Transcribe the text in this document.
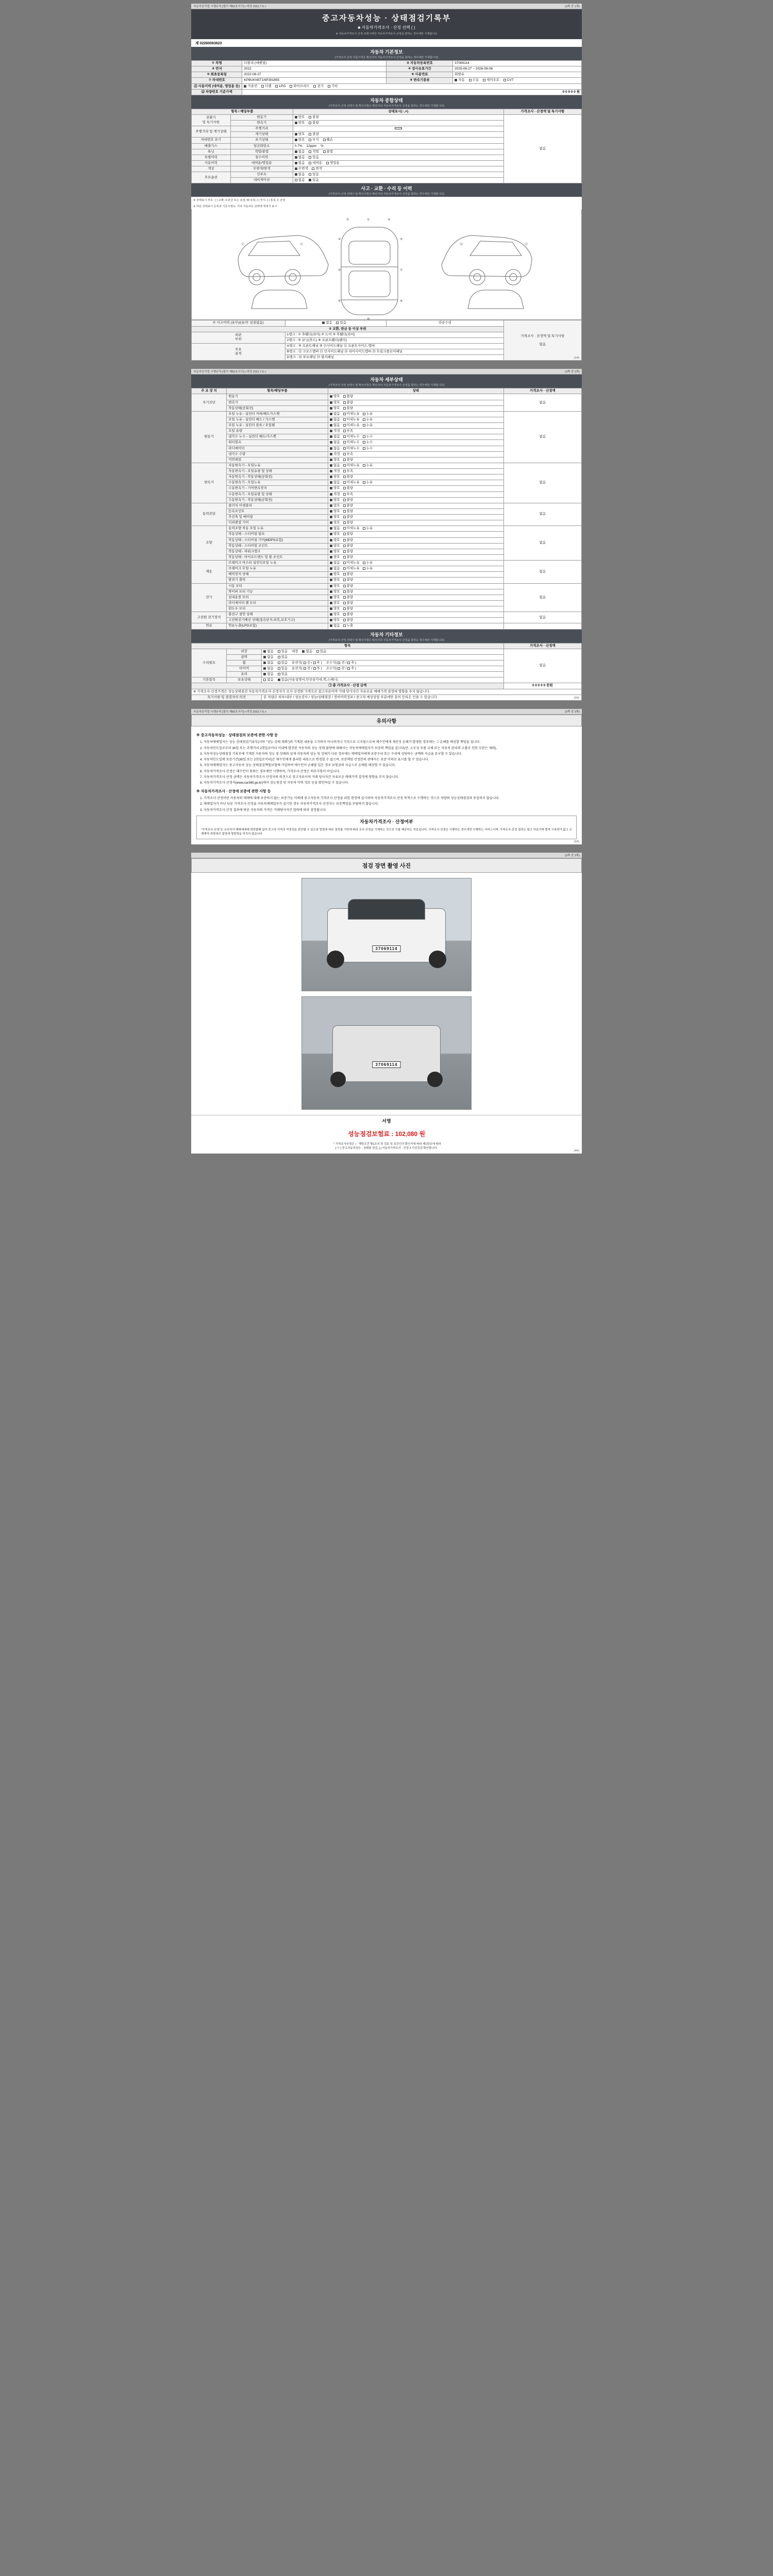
자동차관리법 시행규칙 [별지 제82호서식] <개정 2021.7.6.>	(3쪽 중 1쪽)
중고자동차성능 · 상태점검기록부
■ 자동차가격조사 · 산정 선택 ( )
※ 자동차가격조사·산정 선택시에만 자동차가격조사·산정을 함하는 경우에만 기재합니다
제 02260063623
자동차 기본정보
(가격조사·산정 기준가격은 확인자의 자동차가격조사·산정을 함하는 경우에만 기재합니다)
① 차명	티볼리 (에쎈셜)	② 자동차등록번호	37069114
③ 연식	2022	④ 검사유효기간	2025-06-27 ~ 2026-06-06
⑤ 최초등록일	2022-06-27	⑧ 사용연료	휘발유
⑦ 차대번호	KPBUKN5T1NP391855	⑧ 변속기종류	자동 수동 세미오토 CVT
⑪ 사용이력 (대여용, 영업용 등)	가솔린 디젤 LPG 하이브리드 전기 기타		
⑫ 차량번호 기준가액	0 0 0 0 0 원		
자동차 종합상태
(가격조사·산정 선택시 및 확인사항은 확인자의 자동차가격조사·산정을 함하는 경우에만 기재합니다)
항목 / 해당부품		상태표시(○,×)	가격조사 · 산정액 및 특기사항
전환기
및 특기사항	원동기	양호 불량	없음
	변속기	양호 불량	
주행거리 및 계기상태	주행거리		
	계기상태	양호 불량	
차대번호 표기	표기상태	양호 부식 훼손	
배출가스	일산화탄소	0.7% 12ppm %	
튜닝	적법/불법	없음 적법 불법	
특별이력	침수이력	없음 있음	
사용이력	대여용/영업용	없음 대여용 영업용	
색상	무변색/변색	무변색 변색	
주요옵션	선루프	없음 있음	
	네비게이션	없음 있음	
사고 · 교환 · 수리 등 이력
(가격조사·산정 선택시 및 확인사항은 확인자의 자동차가격조사·산정을 함하는 경우에만 기재합니다)
※ 상태표시 부호 : ( ) 교환, X 판금 또는 용접, W 용접, ( ) 부식, ( ) 흠집, C 균열
※ 하단 상태표시 등록과 기준주행도, 기타 자동차등 상태에 액세서 표시
①
②	③
④	⑤
⑥	⑦
⑧	⑨
⑩
⑪	⑫	⑬
⑭
① 사고이력 (유무)/(유/무 실질없음)	없음 있음	단순수리	가격조사 · 산정액 및 특기사항

없음
② 교환, 판금 등 이상 부위			
외판
부위	1랭크 : ① 후휀더(리어) ② 도어 ③ 후휀더(리어)		
	2랭크 : ⑤ 보닛(후드) ⑥ 프론트휀더(펜더)		
주요
골격	A랭크 : ⑨ 프론트패널 ⑩ 인사이드패널 ⑪ 프론트사이드 멤버		
	B랭크 : ⑫ 크로스멤버 ⑬ 인사이드패널 ⑭ 리어사이드멤버 ⑮ 트렁크플로어패널		
	D랭크 : ⑱ 루프패널 ⑲ 필러패널			(1/4)
자동차관리법 시행규칙 [별지 제82호서식] <개정 2021.7.6.>	(3쪽 중 2쪽)
자동차 세부상태
(가격조사·산정 선택시 및 확인사항은 확인자의 자동차가격조사·산정을 함하는 경우에만 기재합니다)
주 요 장 치	항목/해당부품	상태	가격조사 · 산정액
자기진단	원동기	양호 불량	없음
	변속기	양호 불량	
	작동상태(공회전)	양호 불량	
원동기	오일 누유 - 실린더 커버/헤드가스켓	없음 미세누유 누유	없음
	오일 누유 - 실린더 헤드 / 가스켓	없음 미세누유 누유	
	오일 누유 - 실린더 블록 / 오일팬	없음 미세누유 누유	
	오일 유량	적정 부족	
	냉각수 누수 - 실린더 헤드/가스켓	없음 미세누수 누수	
	워터펌프	없음 미세누수 누수	
	라디에이터	없음 미세누수 누수	
	냉각수 수량	적정 부족	
	커먼레일	양호 불량	
변속기	자동변속기 - 오일누유	없음 미세누유 누유	없음
	자동변속기 - 오일유량 및 상태	적정 부족	
	자동변속기 - 작동상태(공회전)	양호 불량	
	수동변속기 - 오일누유	없음 미세누유 누유	
	수동변속기 - 기어변속장치	양호 불량	
	수동변속기 - 오일유량 및 상태	적정 부족	
	수동변속기 - 작동상태(공회전)	양호 불량	
동력전달	클러치 어셈블리	양호 불량	없음
	등속조인트	양호 불량	
	추진축 및 베어링	양호 불량	
	디퍼렌셜 기어	양호 불량	
조향	동력조향 작동 오일 누유	없음 미세누유 누유	없음
	작동상태 - 스티어링 펌프	양호 불량	
	작동상태 - 스티어링 기어(MDPS포함)	양호 불량	
	작동상태 - 스티어링 조인트	양호 불량	
	작동상태 - 파워크랭크	양호 불량	
	작동상태 - 타이로드엔드 및 볼 조인트	양호 불량	
제동	브레이크 마스터 실린더오일 누유	없음 미세누유 누유	없음
	브레이크 오일 누유	없음 미세누유 누유	
	배력장치 상태	양호 불량	
	발전기 출력	양호 불량	
전기	시동 모터	양호 불량	없음
	와이퍼 모터 기능	양호 불량	
	실내송풍 모터	양호 불량	
	라디에이터 팬 모터	양호 불량	
	윈도우 모터	양호 불량	
고전원 전기장치	충전구 절연 상태	양호 불량	없음
	고전원전기배선 상태(접속단자,피복,보호기구)	양호 불량	
연료	연료누출(LPG포함)	없음 누출	
자동차 기타정보
(가격조사·산정 선택시 및 확인사항은 확인자의 자동차가격조사·산정을 함하는 경우에만 기재합니다)
항목			가격조사 · 산정액
수리필요	외장	없음 있음 내장 없음 있음	없음
	광택	없음 있음	
	휠	없음 있음 운전석( 전 / 후 ) 조수석( 전 / 후 )	
	타이어	없음 있음 운전석( 전 / 후 ) 조수석( 전 / 후 )	
	유리	없음 있음	
기본품목	보유상태	없음 있음(사용설명서,안전삼각대,잭,스패너)	
㉠ 총 가격조사 · 산정 금액			0 0 0 0 0 천원
※ 가격조사·산정가격은 성능상태점검 자동차가격조사·산정자가 조사·산정한 가격으로 참고자료이며 거래 당사자간 자유로운 매매가격 결정에 영향을 주지 않습니다.			
특기사항 및 점검자의 의견		본 차량은 외부/내부 / 성능검사 / 성능/상태점검 / 정비이력정보 / 중고차 매상상담 부분에만 문의 등록은 인을 수 있습니다.		(2/4)
자동차관리법 시행규칙 [별지 제82호서식] <개정 2021.7.6.>	(3쪽 중 3쪽)
유의사항
※ 중고자동차성능 · 상태점검의 보증에 관한 사항 등
1. 자동차매매업자는 성능·상태점검기록부(이하 "성능·상태 제외")의 기재된 내용을 고지하지 아니하거나 거짓으로 고지됨으로써 매수인에게 재산상 손해가 발생한 경우에는 그 손해를 배상할 책임을 집니다.
2. 자동차인도일로부터 30일 또는 주행거리 2천킬로미터 이내에 발견된 자동차의 성능·상태 불량에 대해서는 자동차매매업자가 보증의 책임을 집니다(단, 소모성 부품 교체 또는 자동차 관리의 소홀로 인한 부분은 제외).
3. 자동차성능상태점검 기록부에 기재된 자동차의 성능 및 상태와 실제 자동차의 성능 및 상태가 다른 경우에는 매매업자에게 보증수리 또는 수리에 상당하는 금액의 지급을 요구할 수 있습니다.
4. 자동차인도일에 보증기간(30일 또는 2천킬로미터)은 매수인에게 불리한 내용으로 변경할 수 없으며, 보증책임 산정분의 판매자는 보증 이하로 표시를 할 수 있습니다.
5. 자동차매매업자는 중고자동차 성능·상태점검책임보험에 가입하여 매수인이 손해를 입은 경우 보험금의 지급으로 손해를 배상할 수 있습니다.
6. 자동차가격조사·산정은 매수인이 원하는 경우에만 시행하며, 가격조사·산정은 의무사항이 아닙니다.
7. 자동차가격조사·산정 금액은 자동차가격조사·산정자의 의견으로 참고자료이며 거래 당사자간 자유로운 매매가격 결정에 영향을 주지 않습니다.
8. 자동차가격조사·산정자(www.car365.go.kr)에서 성능점검 및 자동차 이력 정보 등을 확인하실 수 있습니다.
※ 자동차가격조사 · 산정에 보증에 관한 사항 등
1. 가격조사·산정이란 자동차의 매매에 대해 보증하지 않는 보증기능 이외에 중고자동차 가격조사·산정을 위한 현장에 실시하며 자동차가격조사·산정 목적으로 수행하는 것으로 차량의 성능상태점검과 동일하지 않습니다.
2. 매매업자가 아닌 다른 가격조사·산정을 자동차매매업자가 실시한 경우 자동차가격조사·산정자는 보증책임을 부담하지 않습니다.
3. 자동차가격조사·산정 결과에 따른 자동차의 가격은 거래당사자간 합의에 따라 결정됩니다.
자동차가격조사 · 산정여부
"가격조사·산정"은 소비자가 매매에대해 희망할때 있어 중고차 가격의 적정성을 판단할 수 있도록 법령에 따른 절차를 기반에 따라 조사·산정을 기재하는 것으로 이를 제공하는 자료입니다. 가격조사·산정은 시행하는 경우에만 수행하는 서비스이며, 가격조사·산정 결과는 참고 자료이며 법적 구속력이 없고 교재계약 과정에서 결정에 영향력을 미치지 않습니다.
(3/4)
(3쪽 중 3쪽)
점검 장면 촬영 사진
37069114
37069114
서명
성능점검보험료 : 102,080 원
『 가격조사산정은 』 해당조건 별1조의 및 검토 및 보증인의 확인서에 따라 제1항조에 따라
[ ㅠ ] 중고자동차성능 · 상태를 점검, [ ] 자동차가격조사 · 산정 3 사진검검 확인합니다.
(4/4)
